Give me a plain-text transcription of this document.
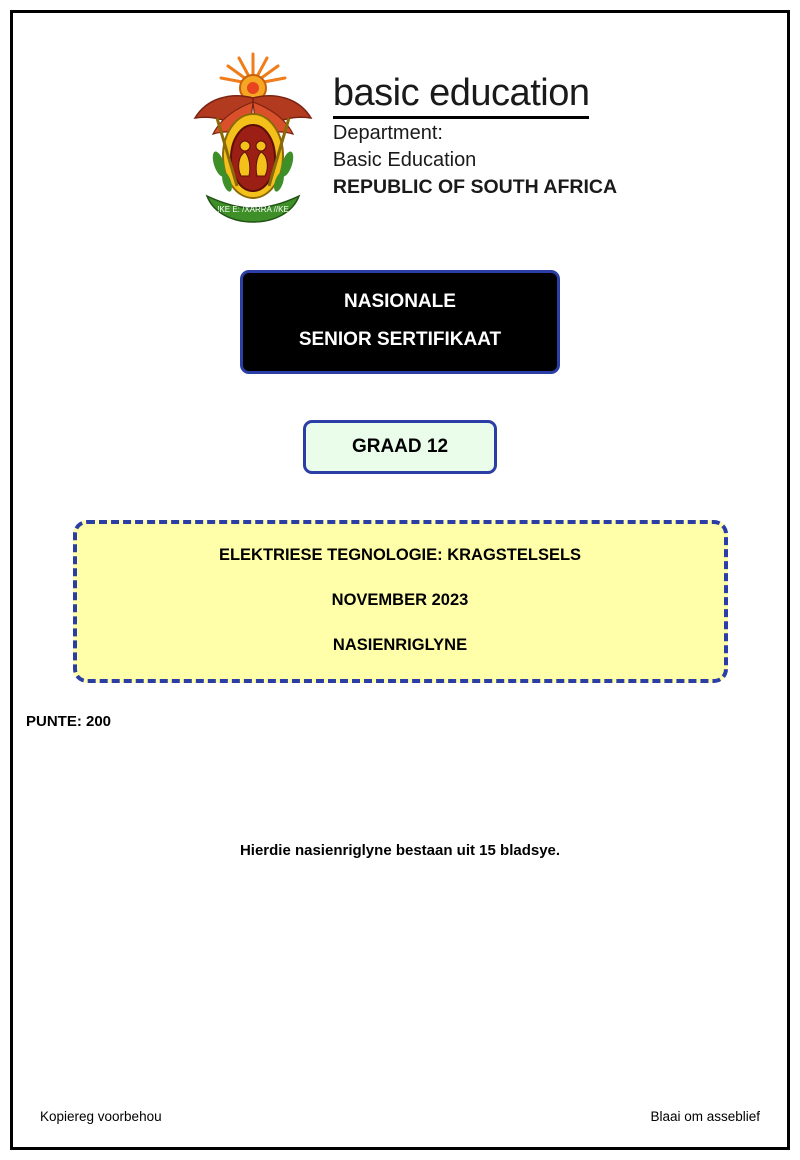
!KE E: /XARRA //KE
basic education
Department:
Basic Education
REPUBLIC OF SOUTH AFRICA
NASIONALE
SENIOR SERTIFIKAAT
GRAAD 12
ELEKTRIESE TEGNOLOGIE: KRAGSTELSELS
NOVEMBER 2023
NASIENRIGLYNE
PUNTE: 200
Hierdie nasienriglyne bestaan uit 15 bladsye.
Kopiereg voorbehou	Blaai om asseblief
